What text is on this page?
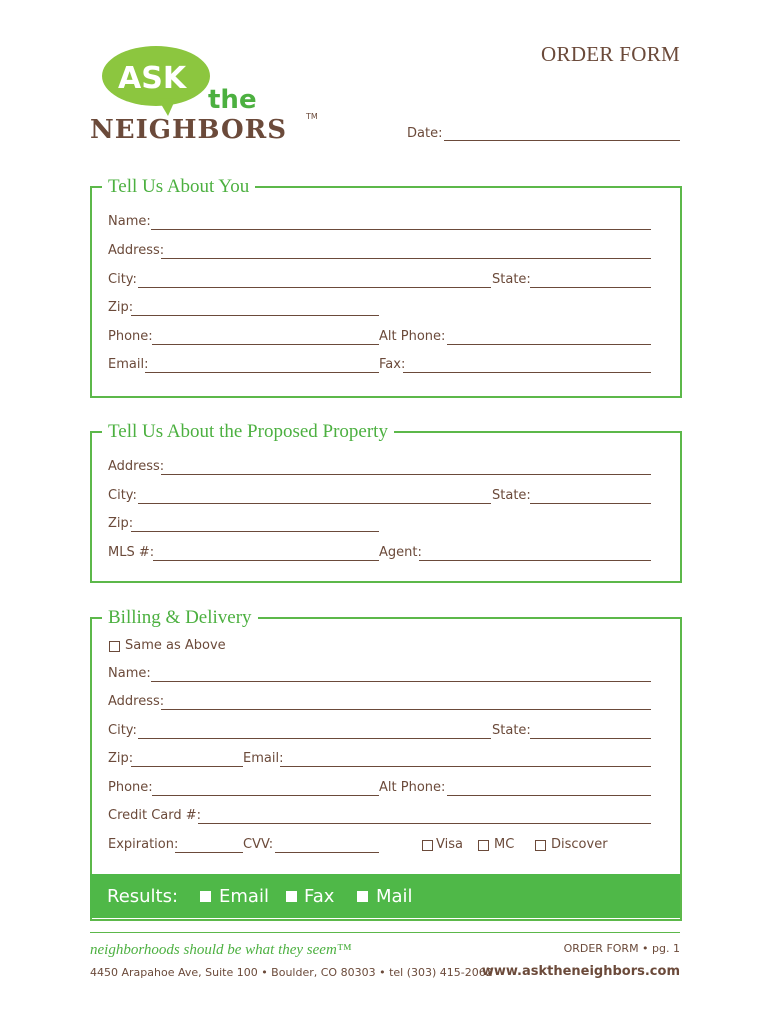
ASK
the
NEIGHBORS TM
ORDER FORM
Date:
Tell Us About You
Name:
Address:
City:	State:
Zip:
Phone:	Alt Phone:
Email:	Fax:
Tell Us About the Proposed Property
Address:
City:	State:
Zip:
MLS #:	Agent:
Billing & Delivery
Same as Above
Name:
Address:
City:	State:
Zip:	Email:
Phone:	Alt Phone:
Credit Card #:
Expiration:	CVV:	Visa MC	Discover
Results: Email Fax Mail
neighborhoods should be what they seem™	ORDER FORM • pg. 1
4450 Arapahoe Ave, Suite 100 • Boulder, CO 80303 • tel (303) 415-2062
www.asktheneighbors.com
